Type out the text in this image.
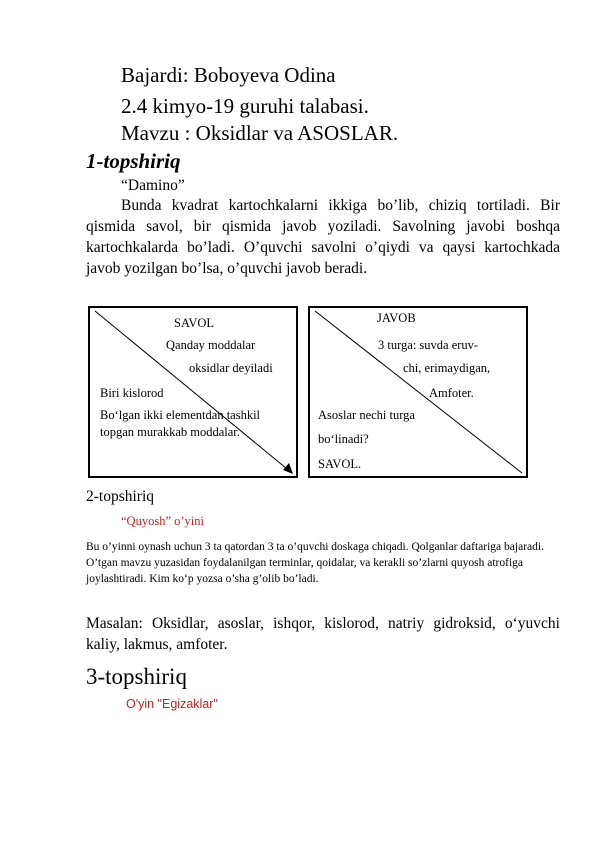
Bajardi: Boboyeva Odina
2.4 kimyo-19 guruhi talabasi.
Mavzu : Oksidlar va ASOSLAR.
1-topshiriq
“Damino”
Bunda kvadrat kartochkalarni ikkiga bo’lib, chiziq tortiladi. Bir qismida savol, bir qismida javob yoziladi. Savolning javobi boshqa kartochkalarda bo’ladi. O’quvchi savolni o’qiydi va qaysi kartochkada javob yozilgan bo’lsa, o’quvchi javob beradi.
SAVOL
Qanday moddalar
oksidlar deyiladi
Biri kislorod
Bo‘lgan ikki elementdan tashkil
topgan murakkab moddalar.
JAVOB
3 turga: suvda eruv-
chi, erimaydigan,
Amfoter.
Asoslar nechi turga
bo‘linadi?
SAVOL.
2-topshiriq
“Quyosh” o’yini
Bu o’yinni oynash uchun 3 ta qatordan 3 ta o’quvchi doskaga chiqadi. Qolganlar daftariga bajaradi. O’tgan mavzu yuzasidan foydalanilgan terminlar, qoidalar, va kerakli so’zlarni quyosh atrofiga joylashtiradi. Kim ko‘p yozsa o’sha g’olib bo’ladi.
Masalan: Oksidlar, asoslar, ishqor, kislorod, natriy gidroksid, o‘yuvchi kaliy, lakmus, amfoter.
3-topshiriq
O'yin "Egizaklar"
